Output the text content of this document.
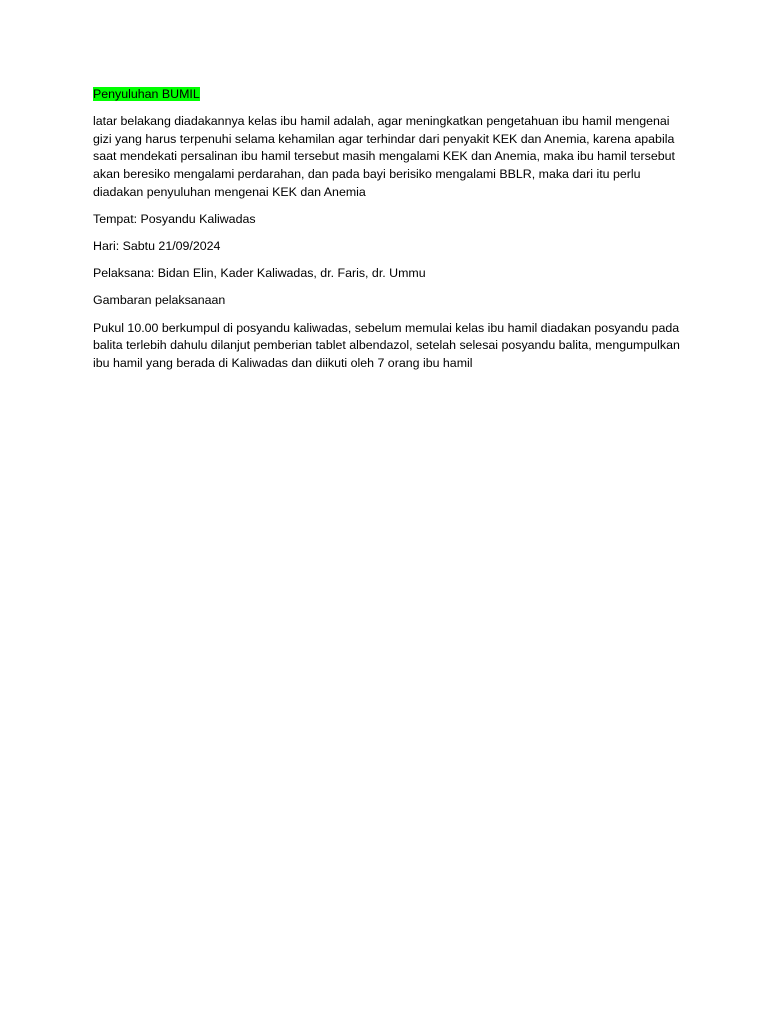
Penyuluhan BUMIL

latar belakang diadakannya kelas ibu hamil adalah, agar meningkatkan pengetahuan ibu hamil mengenai gizi yang harus terpenuhi selama kehamilan agar terhindar dari penyakit KEK dan Anemia, karena apabila saat mendekati persalinan ibu hamil tersebut masih mengalami KEK dan Anemia, maka ibu hamil tersebut akan beresiko mengalami perdarahan, dan pada bayi berisiko mengalami BBLR, maka dari itu perlu diadakan penyuluhan mengenai KEK dan Anemia

Tempat: Posyandu Kaliwadas

Hari: Sabtu 21/09/2024

Pelaksana: Bidan Elin, Kader Kaliwadas, dr. Faris, dr. Ummu

Gambaran pelaksanaan

Pukul 10.00 berkumpul di posyandu kaliwadas, sebelum memulai kelas ibu hamil diadakan posyandu pada balita terlebih dahulu dilanjut pemberian tablet albendazol, setelah selesai posyandu balita, mengumpulkan ibu hamil yang berada di Kaliwadas dan diikuti oleh 7 orang ibu hamil
